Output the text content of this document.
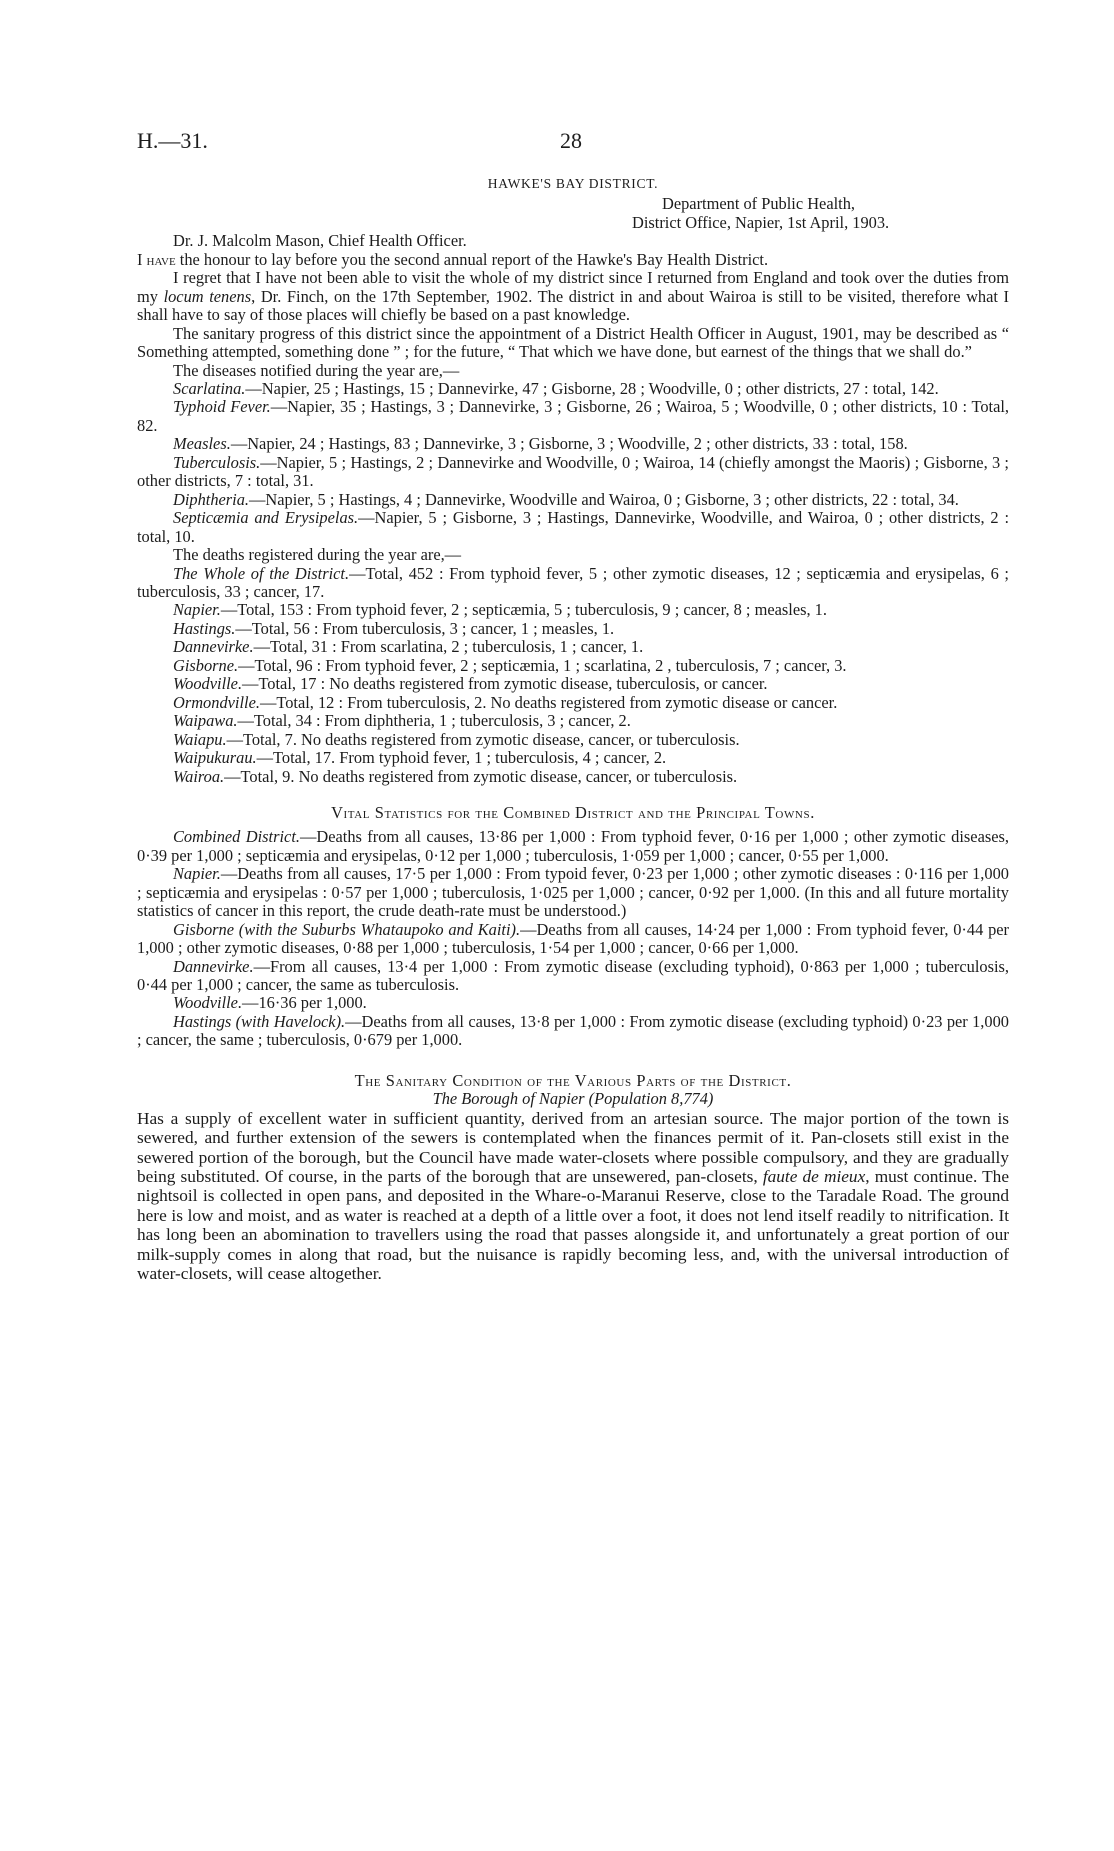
H.—31.	28

HAWKE'S BAY DISTRICT.

Department of Public Health,

District Office, Napier, 1st April, 1903.

Dr. J. Malcolm Mason, Chief Health Officer.

I have the honour to lay before you the second annual report of the Hawke's Bay Health District.

I regret that I have not been able to visit the whole of my district since I returned from England and took over the duties from my locum tenens, Dr. Finch, on the 17th September, 1902. The district in and about Wairoa is still to be visited, therefore what I shall have to say of those places will chiefly be based on a past knowledge.

The sanitary progress of this district since the appointment of a District Health Officer in August, 1901, may be described as “ Something attempted, something done ” ; for the future, “ That which we have done, but earnest of the things that we shall do.”

The diseases notified during the year are,—

Scarlatina.—Napier, 25 ; Hastings, 15 ; Dannevirke, 47 ; Gisborne, 28 ; Woodville, 0 ; other districts, 27 : total, 142.

Typhoid Fever.—Napier, 35 ; Hastings, 3 ; Dannevirke, 3 ; Gisborne, 26 ; Wairoa, 5 ; Woodville, 0 ; other districts, 10 : Total, 82.

Measles.—Napier, 24 ; Hastings, 83 ; Dannevirke, 3 ; Gisborne, 3 ; Woodville, 2 ; other districts, 33 : total, 158.

Tuberculosis.—Napier, 5 ; Hastings, 2 ; Dannevirke and Woodville, 0 ; Wairoa, 14 (chiefly amongst the Maoris) ; Gisborne, 3 ; other districts, 7 : total, 31.

Diphtheria.—Napier, 5 ; Hastings, 4 ; Dannevirke, Woodville and Wairoa, 0 ; Gisborne, 3 ; other districts, 22 : total, 34.

Septicæmia and Erysipelas.—Napier, 5 ; Gisborne, 3 ; Hastings, Dannevirke, Woodville, and Wairoa, 0 ; other districts, 2 : total, 10.

The deaths registered during the year are,—

The Whole of the District.—Total, 452 : From typhoid fever, 5 ; other zymotic diseases, 12 ; septicæmia and erysipelas, 6 ; tuberculosis, 33 ; cancer, 17.

Napier.—Total, 153 : From typhoid fever, 2 ; septicæmia, 5 ; tuberculosis, 9 ; cancer, 8 ; measles, 1.

Hastings.—Total, 56 : From tuberculosis, 3 ; cancer, 1 ; measles, 1.

Dannevirke.—Total, 31 : From scarlatina, 2 ; tuberculosis, 1 ; cancer, 1.

Gisborne.—Total, 96 : From typhoid fever, 2 ; septicæmia, 1 ; scarlatina, 2 , tuberculosis, 7 ; cancer, 3.

Woodville.—Total, 17 : No deaths registered from zymotic disease, tuberculosis, or cancer.

Ormondville.—Total, 12 : From tuberculosis, 2. No deaths registered from zymotic disease or cancer.

Waipawa.—Total, 34 : From diphtheria, 1 ; tuberculosis, 3 ; cancer, 2.

Waiapu.—Total, 7. No deaths registered from zymotic disease, cancer, or tuberculosis.

Waipukurau.—Total, 17. From typhoid fever, 1 ; tuberculosis, 4 ; cancer, 2.

Wairoa.—Total, 9. No deaths registered from zymotic disease, cancer, or tuberculosis.

Vital Statistics for the Combined District and the Principal Towns.

Combined District.—Deaths from all causes, 13·86 per 1,000 : From typhoid fever, 0·16 per 1,000 ; other zymotic diseases, 0·39 per 1,000 ; septicæmia and erysipelas, 0·12 per 1,000 ; tuberculosis, 1·059 per 1,000 ; cancer, 0·55 per 1,000.

Napier.—Deaths from all causes, 17·5 per 1,000 : From typoid fever, 0·23 per 1,000 ; other zymotic diseases : 0·116 per 1,000 ; septicæmia and erysipelas : 0·57 per 1,000 ; tuberculosis, 1·025 per 1,000 ; cancer, 0·92 per 1,000. (In this and all future mortality statistics of cancer in this report, the crude death-rate must be understood.)

Gisborne (with the Suburbs Whataupoko and Kaiti).—Deaths from all causes, 14·24 per 1,000 : From typhoid fever, 0·44 per 1,000 ; other zymotic diseases, 0·88 per 1,000 ; tuberculosis, 1·54 per 1,000 ; cancer, 0·66 per 1,000.

Dannevirke.—From all causes, 13·4 per 1,000 : From zymotic disease (excluding typhoid), 0·863 per 1,000 ; tuberculosis, 0·44 per 1,000 ; cancer, the same as tuberculosis.

Woodville.—16·36 per 1,000.

Hastings (with Havelock).—Deaths from all causes, 13·8 per 1,000 : From zymotic disease (excluding typhoid) 0·23 per 1,000 ; cancer, the same ; tuberculosis, 0·679 per 1,000.

The Sanitary Condition of the Various Parts of the District.

The Borough of Napier (Population 8,774)

Has a supply of excellent water in sufficient quantity, derived from an artesian source. The major portion of the town is sewered, and further extension of the sewers is contemplated when the finances permit of it. Pan-closets still exist in the sewered portion of the borough, but the Council have made water-closets where possible compulsory, and they are gradually being substituted. Of course, in the parts of the borough that are unsewered, pan-closets, faute de mieux, must continue. The nightsoil is collected in open pans, and deposited in the Whare-o-Maranui Reserve, close to the Taradale Road. The ground here is low and moist, and as water is reached at a depth of a little over a foot, it does not lend itself readily to nitrification. It has long been an abomination to travellers using the road that passes alongside it, and unfortunately a great portion of our milk-supply comes in along that road, but the nuisance is rapidly becoming less, and, with the universal introduction of water-closets, will cease altogether.
